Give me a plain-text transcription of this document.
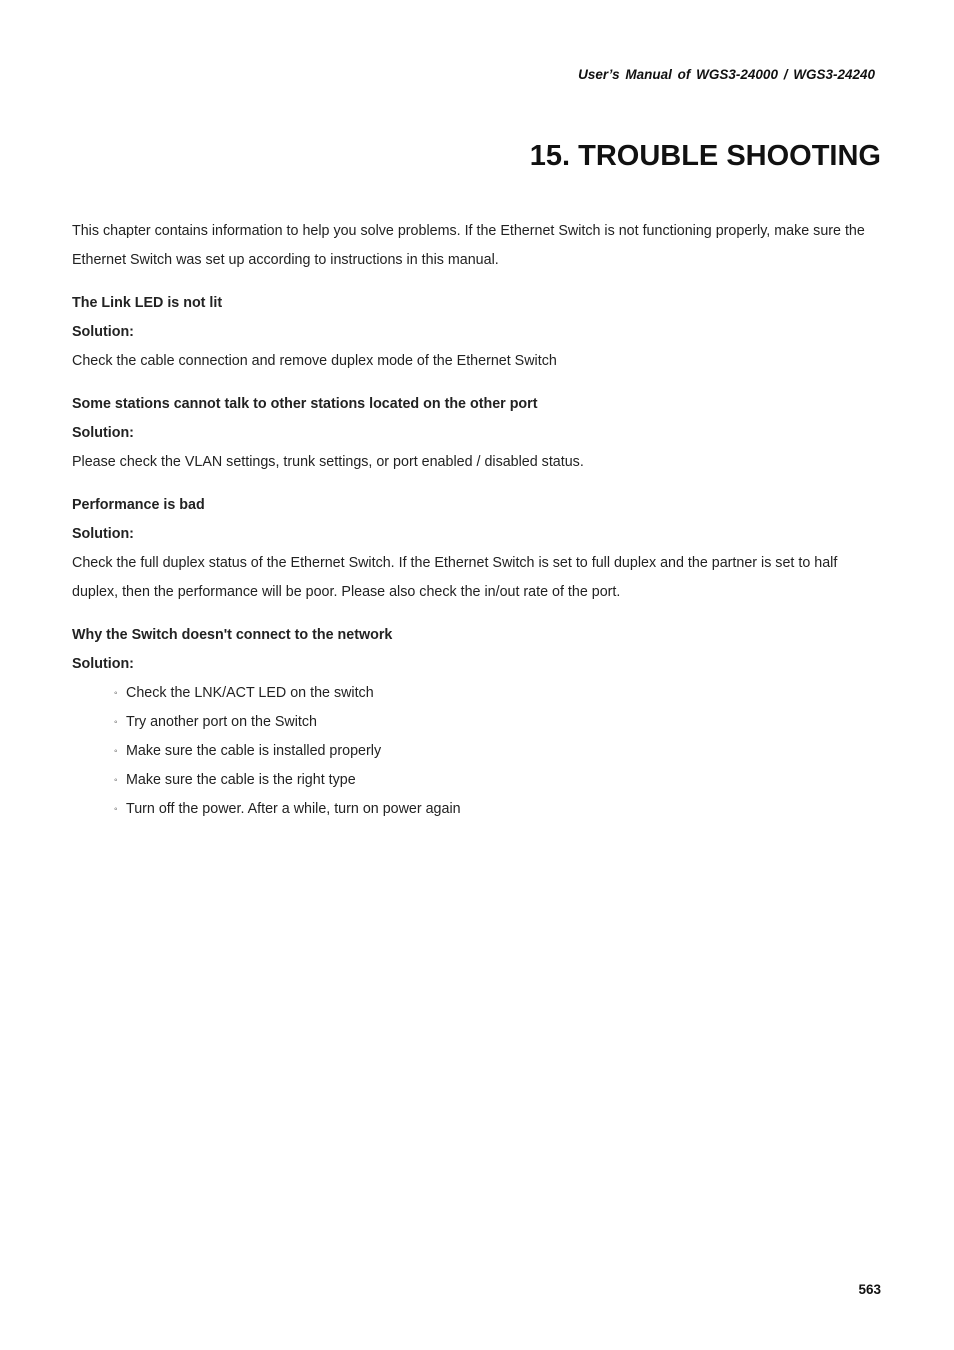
User’s Manual of WGS3-24000 / WGS3-24240
15. TROUBLE SHOOTING

This chapter contains information to help you solve problems. If the Ethernet Switch is not functioning properly, make sure the Ethernet Switch was set up according to instructions in this manual.

The Link LED is not lit

Solution:

Check the cable connection and remove duplex mode of the Ethernet Switch

Some stations cannot talk to other stations located on the other port

Solution:

Please check the VLAN settings, trunk settings, or port enabled / disabled status.

Performance is bad

Solution:

Check the full duplex status of the Ethernet Switch. If the Ethernet Switch is set to full duplex and the partner is set to half duplex, then the performance will be poor. Please also check the in/out rate of the port.

Why the Switch doesn't connect to the network

Solution:

◦ Check the LNK/ACT LED on the switch
◦ Try another port on the Switch
◦ Make sure the cable is installed properly
◦ Make sure the cable is the right type
◦ Turn off the power. After a while, turn on power again
563
